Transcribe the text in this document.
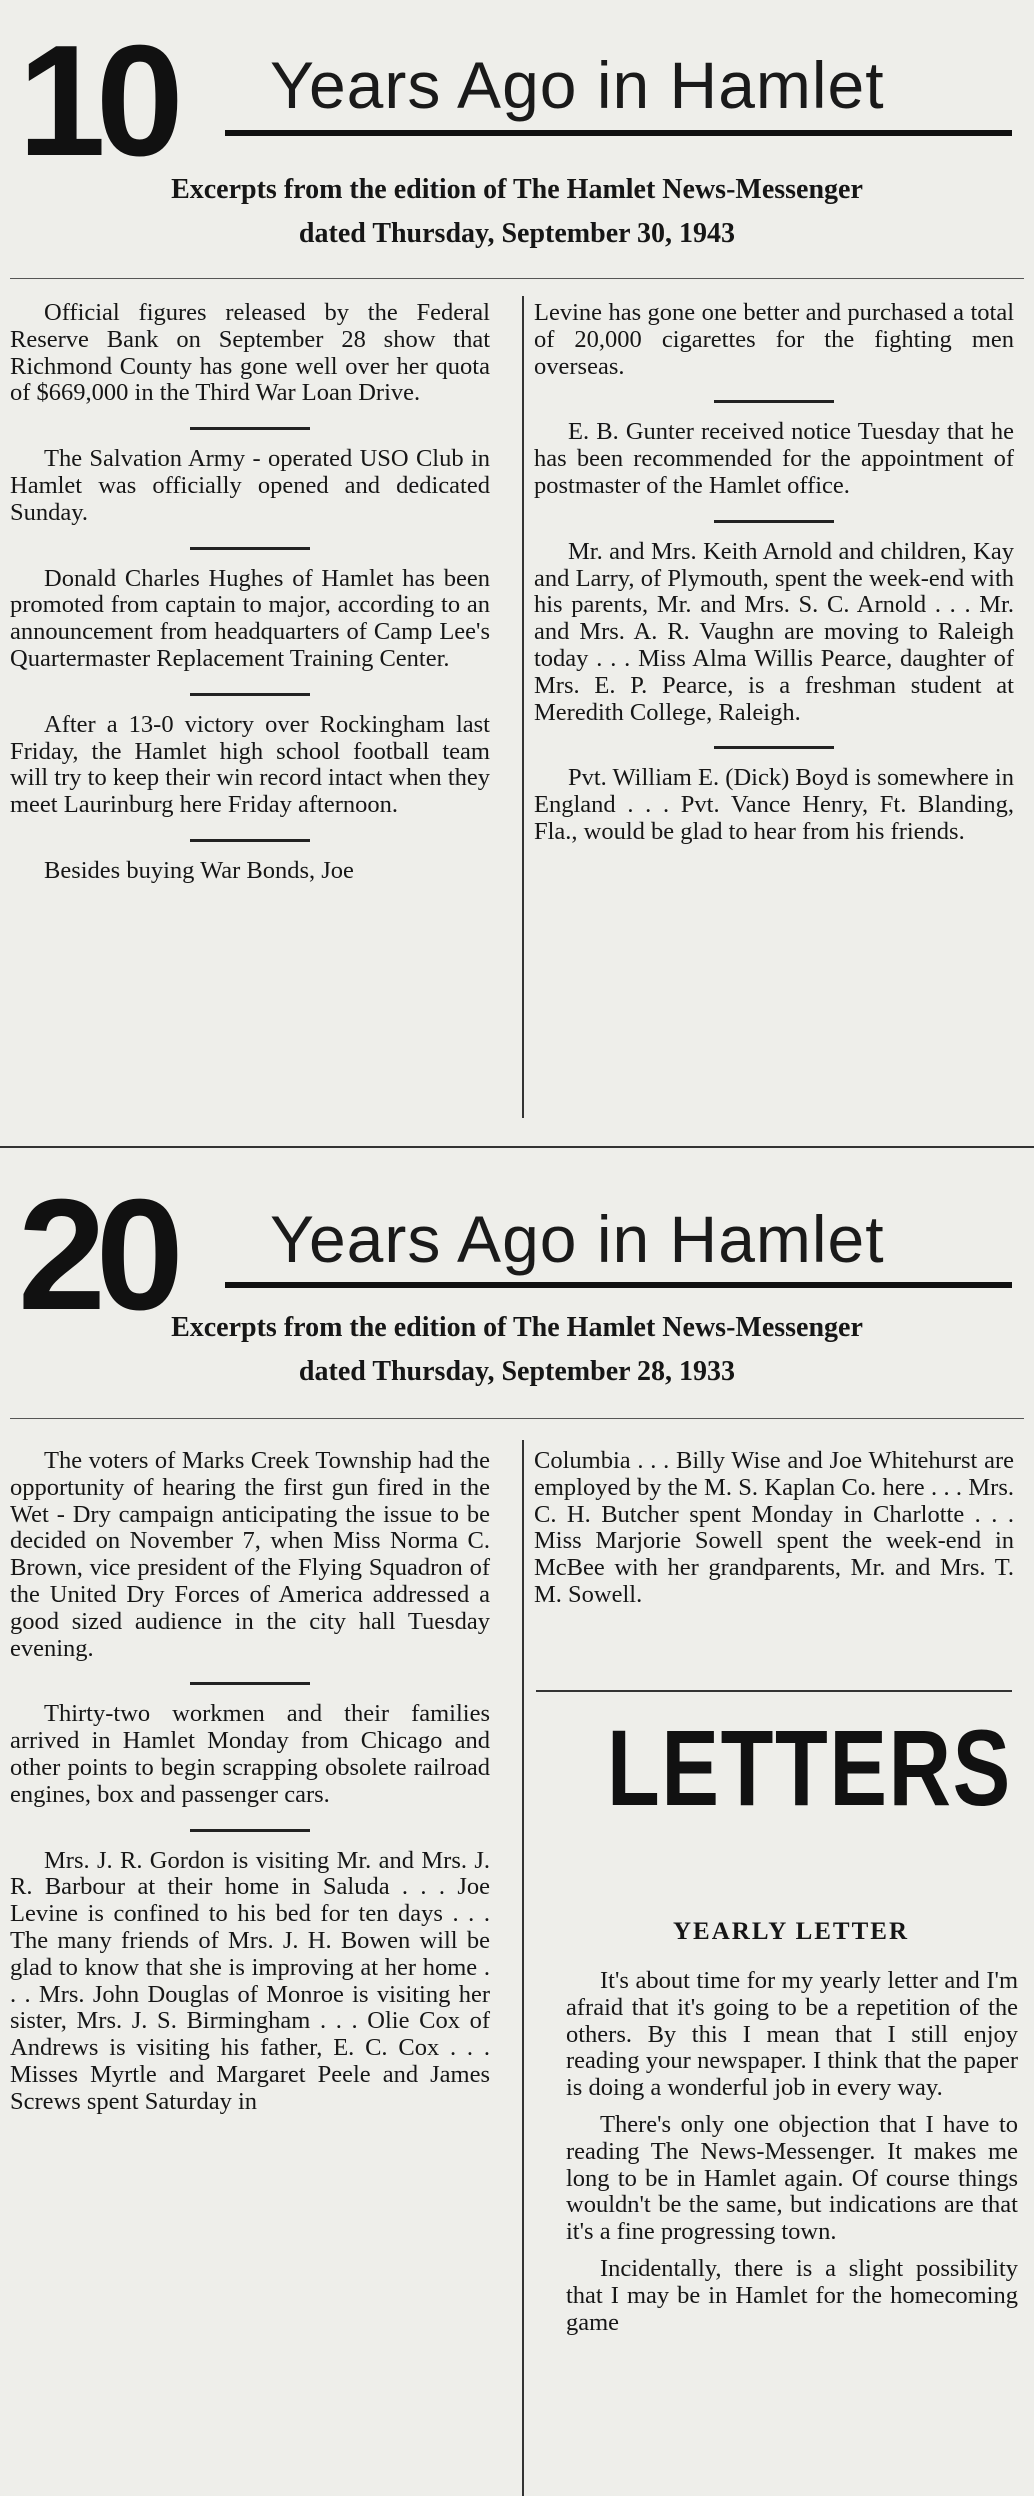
10 Years Ago in Hamlet
Excerpts from the edition of The Hamlet News-Messenger
dated Thursday, September 30, 1943

Official figures released by the Federal Reserve Bank on September 28 show that Richmond County has gone well over her quota of $669,000 in the Third War Loan Drive.

The Salvation Army - operated USO Club in Hamlet was officially opened and dedicated Sunday.

Donald Charles Hughes of Hamlet has been promoted from captain to major, according to an announcement from headquarters of Camp Lee's Quartermaster Replacement Training Center.

After a 13-0 victory over Rockingham last Friday, the Hamlet high school football team will try to keep their win record intact when they meet Laurinburg here Friday afternoon.

Besides buying War Bonds, Joe

Levine has gone one better and purchased a total of 20,000 cigarettes for the fighting men overseas.

E. B. Gunter received notice Tuesday that he has been recommended for the appointment of postmaster of the Hamlet office.

Mr. and Mrs. Keith Arnold and children, Kay and Larry, of Plymouth, spent the week-end with his parents, Mr. and Mrs. S. C. Arnold . . . Mr. and Mrs. A. R. Vaughn are moving to Raleigh today . . . Miss Alma Willis Pearce, daughter of Mrs. E. P. Pearce, is a freshman student at Meredith College, Raleigh.

Pvt. William E. (Dick) Boyd is somewhere in England . . . Pvt. Vance Henry, Ft. Blanding, Fla., would be glad to hear from his friends.

20 Years Ago in Hamlet
Excerpts from the edition of The Hamlet News-Messenger
dated Thursday, September 28, 1933

The voters of Marks Creek Township had the opportunity of hearing the first gun fired in the Wet - Dry campaign anticipating the issue to be decided on November 7, when Miss Norma C. Brown, vice president of the Flying Squadron of the United Dry Forces of America addressed a good sized audience in the city hall Tuesday evening.

Thirty-two workmen and their families arrived in Hamlet Monday from Chicago and other points to begin scrapping obsolete railroad engines, box and passenger cars.

Mrs. J. R. Gordon is visiting Mr. and Mrs. J. R. Barbour at their home in Saluda . . . Joe Levine is confined to his bed for ten days . . . The many friends of Mrs. J. H. Bowen will be glad to know that she is improving at her home . . . Mrs. John Douglas of Monroe is visiting her sister, Mrs. J. S. Birmingham . . . Olie Cox of Andrews is visiting his father, E. C. Cox . . . Misses Myrtle and Margaret Peele and James Screws spent Saturday in

Columbia . . . Billy Wise and Joe Whitehurst are employed by the M. S. Kaplan Co. here . . . Mrs. C. H. Butcher spent Monday in Charlotte . . . Miss Marjorie Sowell spent the week-end in McBee with her grandparents, Mr. and Mrs. T. M. Sowell.

LETTERS
YEARLY LETTER

It's about time for my yearly letter and I'm afraid that it's going to be a repetition of the others. By this I mean that I still enjoy reading your newspaper. I think that the paper is doing a wonderful job in every way.

There's only one objection that I have to reading The News-Messenger. It makes me long to be in Hamlet again. Of course things wouldn't be the same, but indications are that it's a fine progressing town.

Incidentally, there is a slight possibility that I may be in Hamlet for the homecoming game
